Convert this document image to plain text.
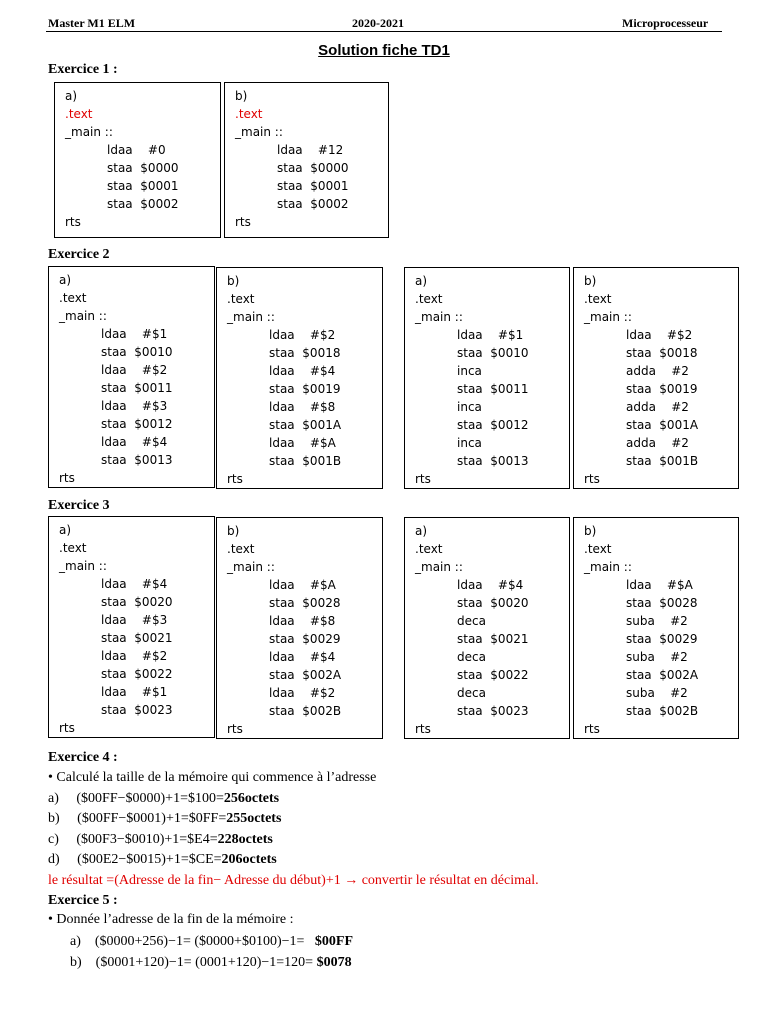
Master M1 ELM	2020-2021	Microprocesseur
Solution fiche TD1
Exercice 1 :
a)
.text
_main ::
ldaa    #0
staa  $0000
staa  $0001
staa  $0002
rts
b)
.text
_main ::
ldaa    #12
staa  $0000
staa  $0001
staa  $0002
rts
Exercice 2
a)
.text
_main ::
ldaa    #$1
staa  $0010
ldaa    #$2
staa  $0011
ldaa    #$3
staa  $0012
ldaa    #$4
staa  $0013
rts
b)
.text
_main ::
ldaa    #$2
staa  $0018
ldaa    #$4
staa  $0019
ldaa    #$8
staa  $001A
ldaa    #$A
staa  $001B
rts
a)
.text
_main ::
ldaa    #$1
staa  $0010
inca
staa  $0011
inca
staa  $0012
inca
staa  $0013
rts
b)
.text
_main ::
ldaa    #$2
staa  $0018
adda    #2
staa  $0019
adda    #2
staa  $001A
adda    #2
staa  $001B
rts
Exercice 3
a)
.text
_main ::
ldaa    #$4
staa  $0020
ldaa    #$3
staa  $0021
ldaa    #$2
staa  $0022
ldaa    #$1
staa  $0023
rts
b)
.text
_main ::
ldaa    #$A
staa  $0028
ldaa    #$8
staa  $0029
ldaa    #$4
staa  $002A
ldaa    #$2
staa  $002B
rts
a)
.text
_main ::
ldaa    #$4
staa  $0020
deca
staa  $0021
deca
staa  $0022
deca
staa  $0023
rts
b)
.text
_main ::
ldaa    #$A
staa  $0028
suba    #2
staa  $0029
suba    #2
staa  $002A
suba    #2
staa  $002B
rts
Exercice 4 :
• Calculé la taille de la mémoire qui commence à l’adresse
a)     ($00FF−$0000)+1=$100=256octets
b)     ($00FF−$0001)+1=$0FF=255octets
c)     ($00F3−$0010)+1=$E4=228octets
d)     ($00E2−$0015)+1=$CE=206octets
le résultat =(Adresse de la fin− Adresse du début)+1 → convertir le résultat en décimal.
Exercice 5 :
• Donnée l’adresse de la fin de la mémoire :
a)    ($0000+256)−1= ($0000+$0100)−1=   $00FF
b)    ($0001+120)−1= (0001+120)−1=120= $0078
